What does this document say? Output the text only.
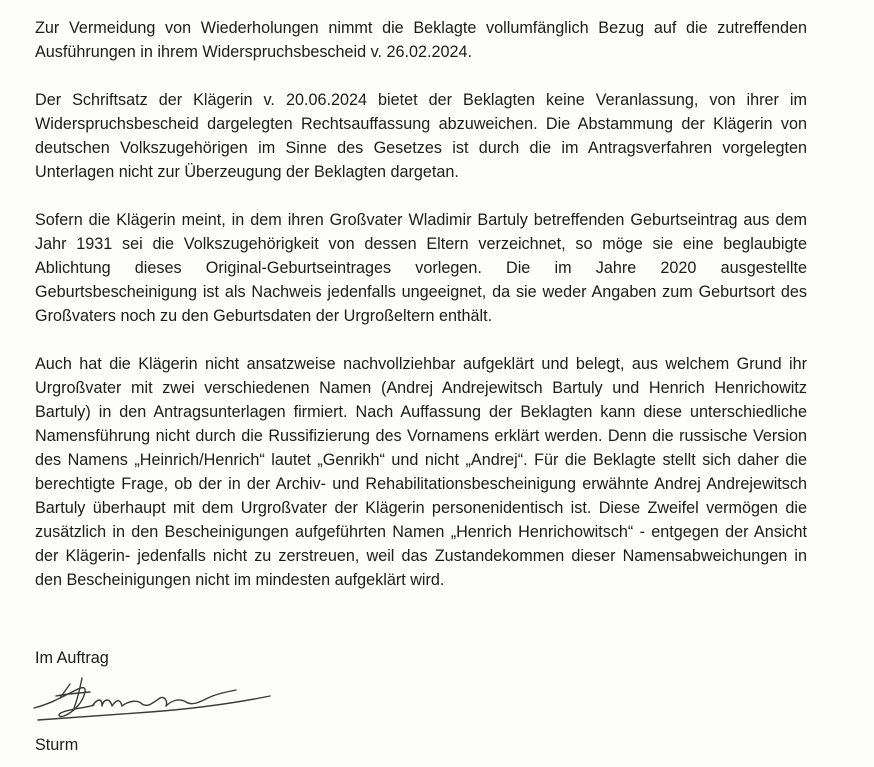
Zur Vermeidung von Wiederholungen nimmt die Beklagte vollumfänglich Bezug auf die zutreffenden Ausführungen in ihrem Widerspruchsbescheid v. 26.02.2024.

Der Schriftsatz der Klägerin v. 20.06.2024 bietet der Beklagten keine Veranlassung, von ihrer im Widerspruchsbescheid dargelegten Rechtsauffassung abzuweichen. Die Abstammung der Klägerin von deutschen Volkszugehörigen im Sinne des Gesetzes ist durch die im Antragsverfahren vorgelegten Unterlagen nicht zur Überzeugung der Beklagten dargetan.

Sofern die Klägerin meint, in dem ihren Großvater Wladimir Bartuly betreffenden Geburtseintrag aus dem Jahr 1931 sei die Volkszugehörigkeit von dessen Eltern verzeichnet, so möge sie eine beglaubigte Ablichtung dieses Original-Geburtseintrages vorlegen. Die im Jahre 2020 ausgestellte Geburtsbescheinigung ist als Nachweis jedenfalls ungeeignet, da sie weder Angaben zum Geburtsort des Großvaters noch zu den Geburtsdaten der Urgroßeltern enthält.

Auch hat die Klägerin nicht ansatzweise nachvollziehbar aufgeklärt und belegt, aus welchem Grund ihr Urgroßvater mit zwei verschiedenen Namen (Andrej Andrejewitsch Bartuly und Henrich Henrichowitz Bartuly) in den Antragsunterlagen firmiert. Nach Auffassung der Beklagten kann diese unterschiedliche Namensführung nicht durch die Russifizierung des Vornamens erklärt werden. Denn die russische Version des Namens „Heinrich/Henrich“ lautet „Genrikh“ und nicht „Andrej“. Für die Beklagte stellt sich daher die berechtigte Frage, ob der in der Archiv- und Rehabilitationsbescheinigung erwähnte Andrej Andrejewitsch Bartuly überhaupt mit dem Urgroßvater der Klägerin personenidentisch ist. Diese Zweifel vermögen die zusätzlich in den Bescheinigungen aufgeführten Namen „Henrich Henrichowitsch“ - entgegen der Ansicht der Klägerin- jedenfalls nicht zu zerstreuen, weil das Zustandekommen dieser Namensabweichungen in den Bescheinigungen nicht im mindesten aufgeklärt wird.

Im Auftrag

Sturm
